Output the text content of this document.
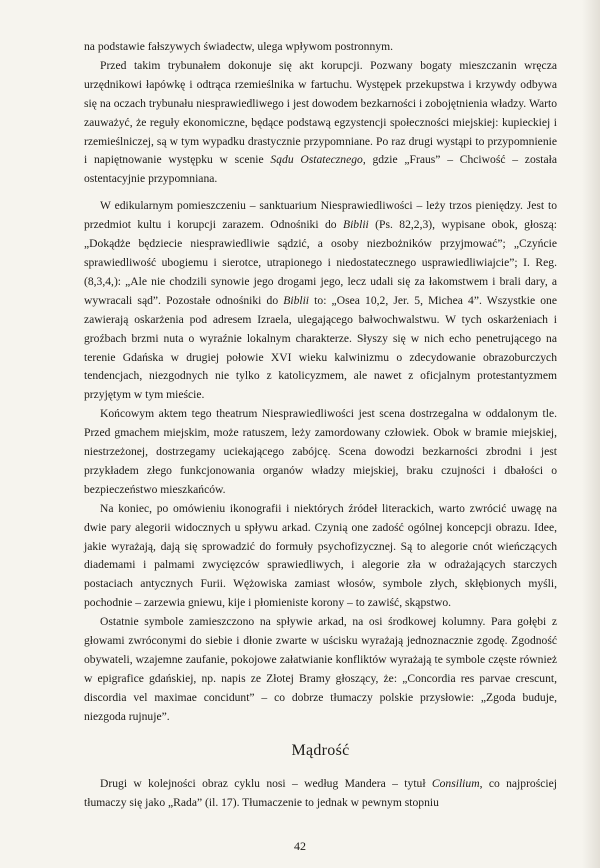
na podstawie fałszywych świadectw, ulega wpływom postronnym.

Przed takim trybunałem dokonuje się akt korupcji. Pozwany bogaty mieszczanin wręcza urzędnikowi łapówkę i odtrąca rzemieślnika w fartuchu. Występek przekupstwa i krzywdy odbywa się na oczach trybunału niesprawiedliwego i jest dowodem bezkarności i zobojętnienia władzy. Warto zauważyć, że reguły ekonomiczne, będące podstawą egzystencji społeczności miejskiej: kupieckiej i rzemieślniczej, są w tym wypadku drastycznie przypomniane. Po raz drugi wystąpi to przypomnienie i napiętnowanie występku w scenie Sądu Ostatecznego, gdzie „Fraus” – Chciwość – została ostentacyjnie przypomniana.

W edikularnym pomieszczeniu – sanktuarium Niesprawiedliwości – leży trzos pieniędzy. Jest to przedmiot kultu i korupcji zarazem. Odnośniki do Biblii (Ps. 82,2,3), wypisane obok, głoszą: „Dokądże będziecie niesprawiedliwie sądzić, a osoby niezbożników przyjmować”; „Czyńcie sprawiedliwość ubogiemu i sierotce, utrapionego i niedostatecznego usprawiedliwiajcie”; I. Reg. (8,3,4,): „Ale nie chodzili synowie jego drogami jego, lecz udali się za łakomstwem i brali dary, a wywracali sąd”. Pozostałe odnośniki do Biblii to: „Osea 10,2, Jer. 5, Michea 4”. Wszystkie one zawierają oskarżenia pod adresem Izraela, ulegającego bałwochwalstwu. W tych oskarżeniach i groźbach brzmi nuta o wyraźnie lokalnym charakterze. Słyszy się w nich echo penetrującego na terenie Gdańska w drugiej połowie XVI wieku kalwinizmu o zdecydowanie obrazoburczych tendencjach, niezgodnych nie tylko z katolicyzmem, ale nawet z oficjalnym protestantyzmem przyjętym w tym mieście.

Końcowym aktem tego theatrum Niesprawiedliwości jest scena dostrzegalna w oddalonym tle. Przed gmachem miejskim, może ratuszem, leży zamordowany człowiek. Obok w bramie miejskiej, niestrzeżonej, dostrzegamy uciekającego zabójcę. Scena dowodzi bezkarności zbrodni i jest przykładem złego funkcjonowania organów władzy miejskiej, braku czujności i dbałości o bezpieczeństwo mieszkańców.

Na koniec, po omówieniu ikonografii i niektórych źródeł literackich, warto zwrócić uwagę na dwie pary alegorii widocznych u spływu arkad. Czynią one zadość ogólnej koncepcji obrazu. Idee, jakie wyrażają, dają się sprowadzić do formuły psychofizycznej. Są to alegorie cnót wieńczących diademami i palmami zwycięzców sprawiedliwych, i alegorie zła w odrażających starczych postaciach antycznych Furii. Wężowiska zamiast włosów, symbole złych, skłębionych myśli, pochodnie – zarzewia gniewu, kije i płomieniste korony – to zawiść, skąpstwo.

Ostatnie symbole zamieszczono na spływie arkad, na osi środkowej kolumny. Para gołębi z głowami zwróconymi do siebie i dłonie zwarte w uścisku wyrażają jednoznacznie zgodę. Zgodność obywateli, wzajemne zaufanie, pokojowe załatwianie konfliktów wyrażają te symbole częste również w epigrafice gdańskiej, np. napis ze Złotej Bramy głoszący, że: „Concordia res parvae crescunt, discordia vel maximae concidunt” – co dobrze tłumaczy polskie przysłowie: „Zgoda buduje, niezgoda rujnuje”.

Mądrość

Drugi w kolejności obraz cyklu nosi – według Mandera – tytuł Consilium, co najprościej tłumaczy się jako „Rada” (il. 17). Tłumaczenie to jednak w pewnym stopniu

42
